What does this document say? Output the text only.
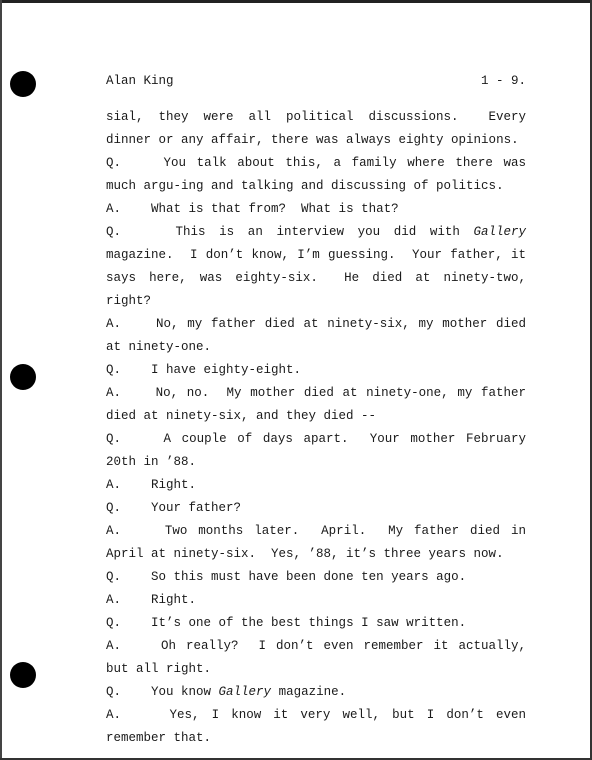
Alan King	1 - 9.

sial, they were all political discussions.  Every dinner or any affair, there was always eighty opinions.

Q.	You talk about this, a family where there was much argu-ing and talking and discussing of politics.

A. What is that from?  What is that?

Q.	This is an interview you did with Gallery magazine.  I don’t know, I’m guessing.  Your father, it says here, was eighty-six.  He died at ninety-two, right?

A.	No, my father died at ninety-six, my mother died at ninety-one.

Q. I have eighty-eight.

A.	No, no.  My mother died at ninety-one, my father died at ninety-six, and they died --

Q.	A couple of days apart.  Your mother February 20th in ’88.

A. Right.

Q. Your father?

A.	Two months later.  April.  My father died in April at ninety-six.  Yes, ’88, it’s three years now.

Q. So this must have been done ten years ago.

A. Right.

Q. It’s one of the best things I saw written.

A.	Oh really?  I don’t even remember it actually, but all right.

Q. You know Gallery magazine.

A.	Yes, I know it very well, but I don’t even remember that.
